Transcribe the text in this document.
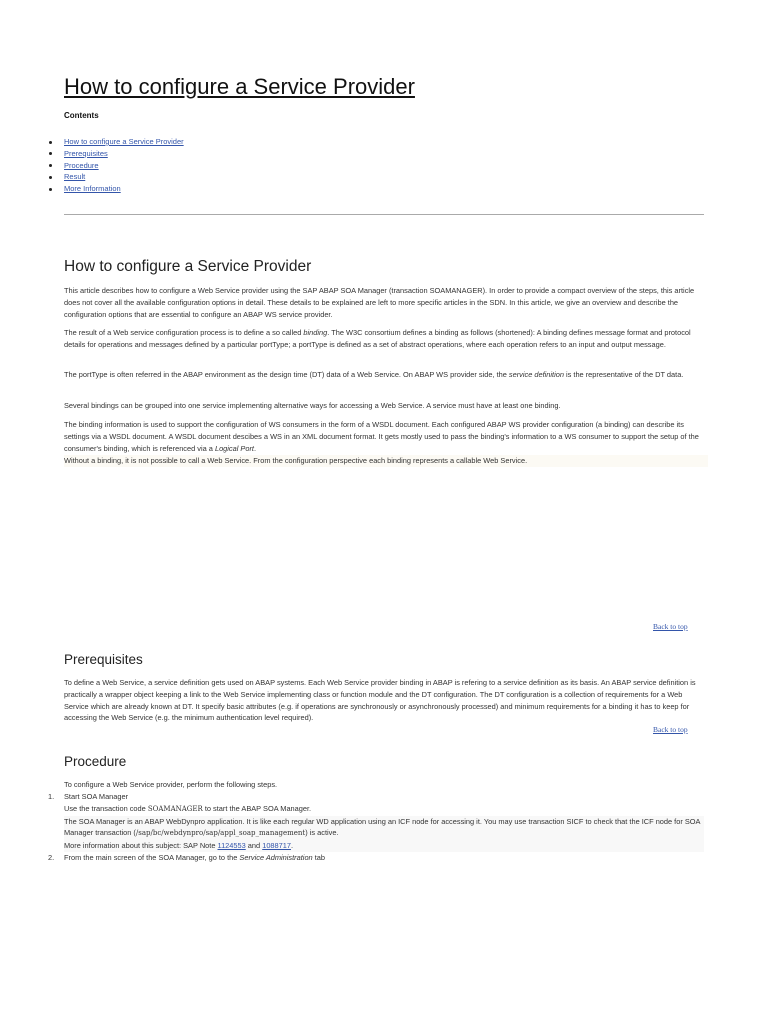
How to configure a Service Provider
Contents
How to configure a Service Provider
Prerequisites
Procedure
Result
More Information
How to configure a Service Provider

This article describes how to configure a Web Service provider using the SAP ABAP SOA Manager (transaction SOAMANAGER). In order to provide a compact overview of the steps, this article does not cover all the available configuration options in detail. These details to be explained are left to more specific articles in the SDN. In this article, we give an overview and describe the configuration options that are essential to configure an ABAP WS service provider.

The result of a Web service configuration process is to define a so called binding. The W3C consortium defines a binding as follows (shortened): A binding defines message format and protocol details for operations and messages defined by a particular portType; a portType is defined as a set of abstract operations, where each operation refers to an input and output message.

The portType is often referred in the ABAP environment as the design time (DT) data of a Web Service. On ABAP WS provider side, the service definition is the representative of the DT data.

Several bindings can be grouped into one service implementing alternative ways for accessing a Web Service. A service must have at least one binding.

The binding information is used to support the configuration of WS consumers in the form of a WSDL document. Each configured ABAP WS provider configuration (a binding) can describe its settings via a WSDL document. A WSDL document descibes a WS in an XML document format. It gets mostly used to pass the binding's information to a WS consumer to support the setup of the consumer's binding, which is referenced via a Logical Port.

Without a binding, it is not possible to call a Web Service. From the configuration perspective each binding represents a callable Web Service.

Back to top
Prerequisites

To define a Web Service, a service definition gets used on ABAP systems. Each Web Service provider binding in ABAP is refering to a service definition as its basis. An ABAP service definition is practically a wrapper object keeping a link to the Web Service implementing class or function module and the DT configuration. The DT configuration is a collection of requirements for a Web Service which are already known at DT. It specify basic attributes (e.g. if operations are synchronously or asynchronously processed) and minimum requirements for a binding it has to keep for accessing the Web Service (e.g. the minimum authentication level required).

Back to top
Procedure

To configure a Web Service provider, perform the following steps.

1. Start SOA Manager
Use the transaction code SOAMANAGER to start the ABAP SOA Manager.
The SOA Manager is an ABAP WebDynpro application. It is like each regular WD application using an ICF node for accessing it. You may use transaction SICF to check that the ICF node for SOA Manager transaction (/sap/bc/webdynpro/sap/appl_soap_management) is active.
More information about this subject: SAP Note 1124553 and 1088717.
2. From the main screen of the SOA Manager, go to the Service Administration tab
